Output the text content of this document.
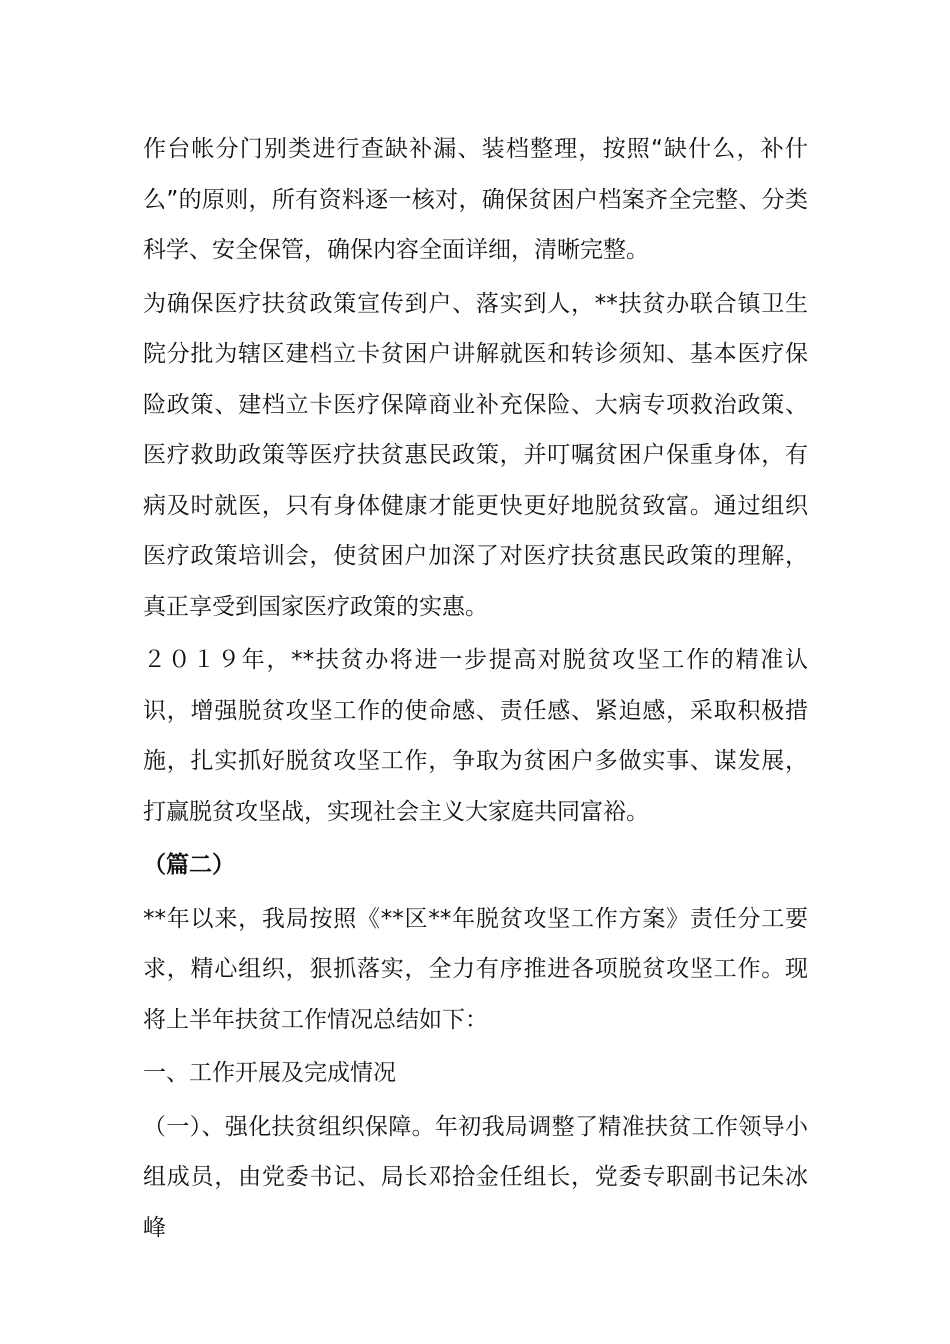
作台帐分门别类进行查缺补漏、装档整理，按照“缺什么，补什么”的原则，所有资料逐一核对，确保贫困户档案齐全完整、分类科学、安全保管，确保内容全面详细，清晰完整。

为确保医疗扶贫政策宣传到户、落实到人，**扶贫办联合镇卫生院分批为辖区建档立卡贫困户讲解就医和转诊须知、基本医疗保险政策、建档立卡医疗保障商业补充保险、大病专项救治政策、医疗救助政策等医疗扶贫惠民政策，并叮嘱贫困户保重身体，有病及时就医，只有身体健康才能更快更好地脱贫致富。通过组织医疗政策培训会，使贫困户加深了对医疗扶贫惠民政策的理解，真正享受到国家医疗政策的实惠。

２０１９年，**扶贫办将进一步提高对脱贫攻坚工作的精准认识，增强脱贫攻坚工作的使命感、责任感、紧迫感，采取积极措施，扎实抓好脱贫攻坚工作，争取为贫困户多做实事、谋发展，打赢脱贫攻坚战，实现社会主义大家庭共同富裕。

（篇二）

**年以来，我局按照《**区**年脱贫攻坚工作方案》责任分工要求，精心组织，狠抓落实，全力有序推进各项脱贫攻坚工作。现将上半年扶贫工作情况总结如下：

一、工作开展及完成情况

（一）、强化扶贫组织保障。年初我局调整了精准扶贫工作领导小组成员，由党委书记、局长邓拾金任组长，党委专职副书记朱冰峰
